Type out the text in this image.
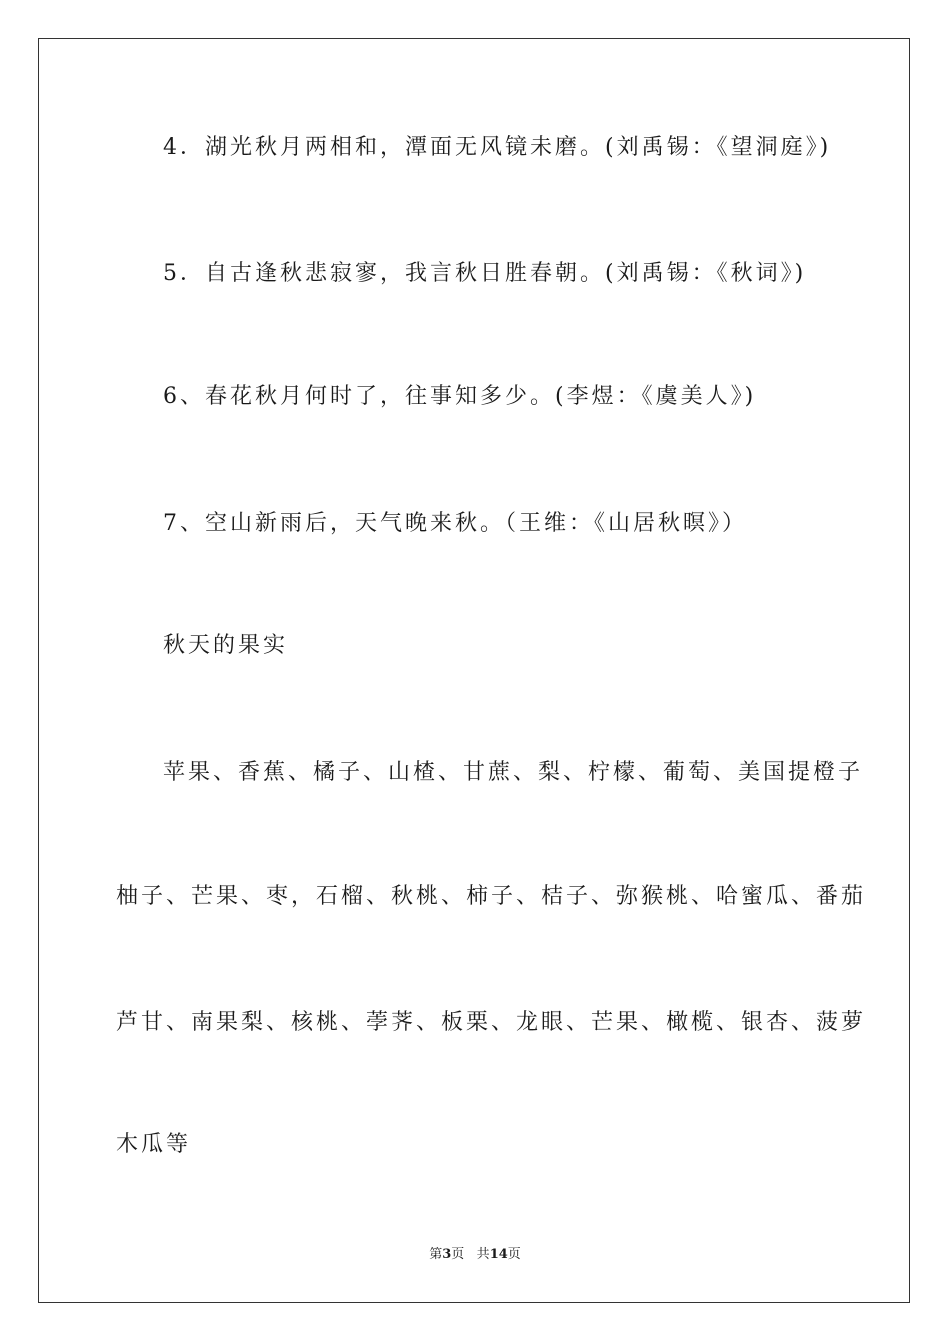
4．湖光秋月两相和，潭面无风镜未磨。(刘禹锡：《望洞庭》)
5．自古逢秋悲寂寥，我言秋日胜春朝。(刘禹锡：《秋词》)
6、春花秋月何时了，往事知多少。(李煜：《虞美人》)
7、空山新雨后，天气晚来秋。（王维：《山居秋暝》）
秋天的果实
苹果、香蕉、橘子、山楂、甘蔗、梨、柠檬、葡萄、美国提橙子
柚子、芒果、枣，石榴、秋桃、柿子、桔子、弥猴桃、哈蜜瓜、番茄
芦甘、南果梨、核桃、荸荠、板栗、龙眼、芒果、橄榄、银杏、菠萝
木瓜等
第3页 共14页
